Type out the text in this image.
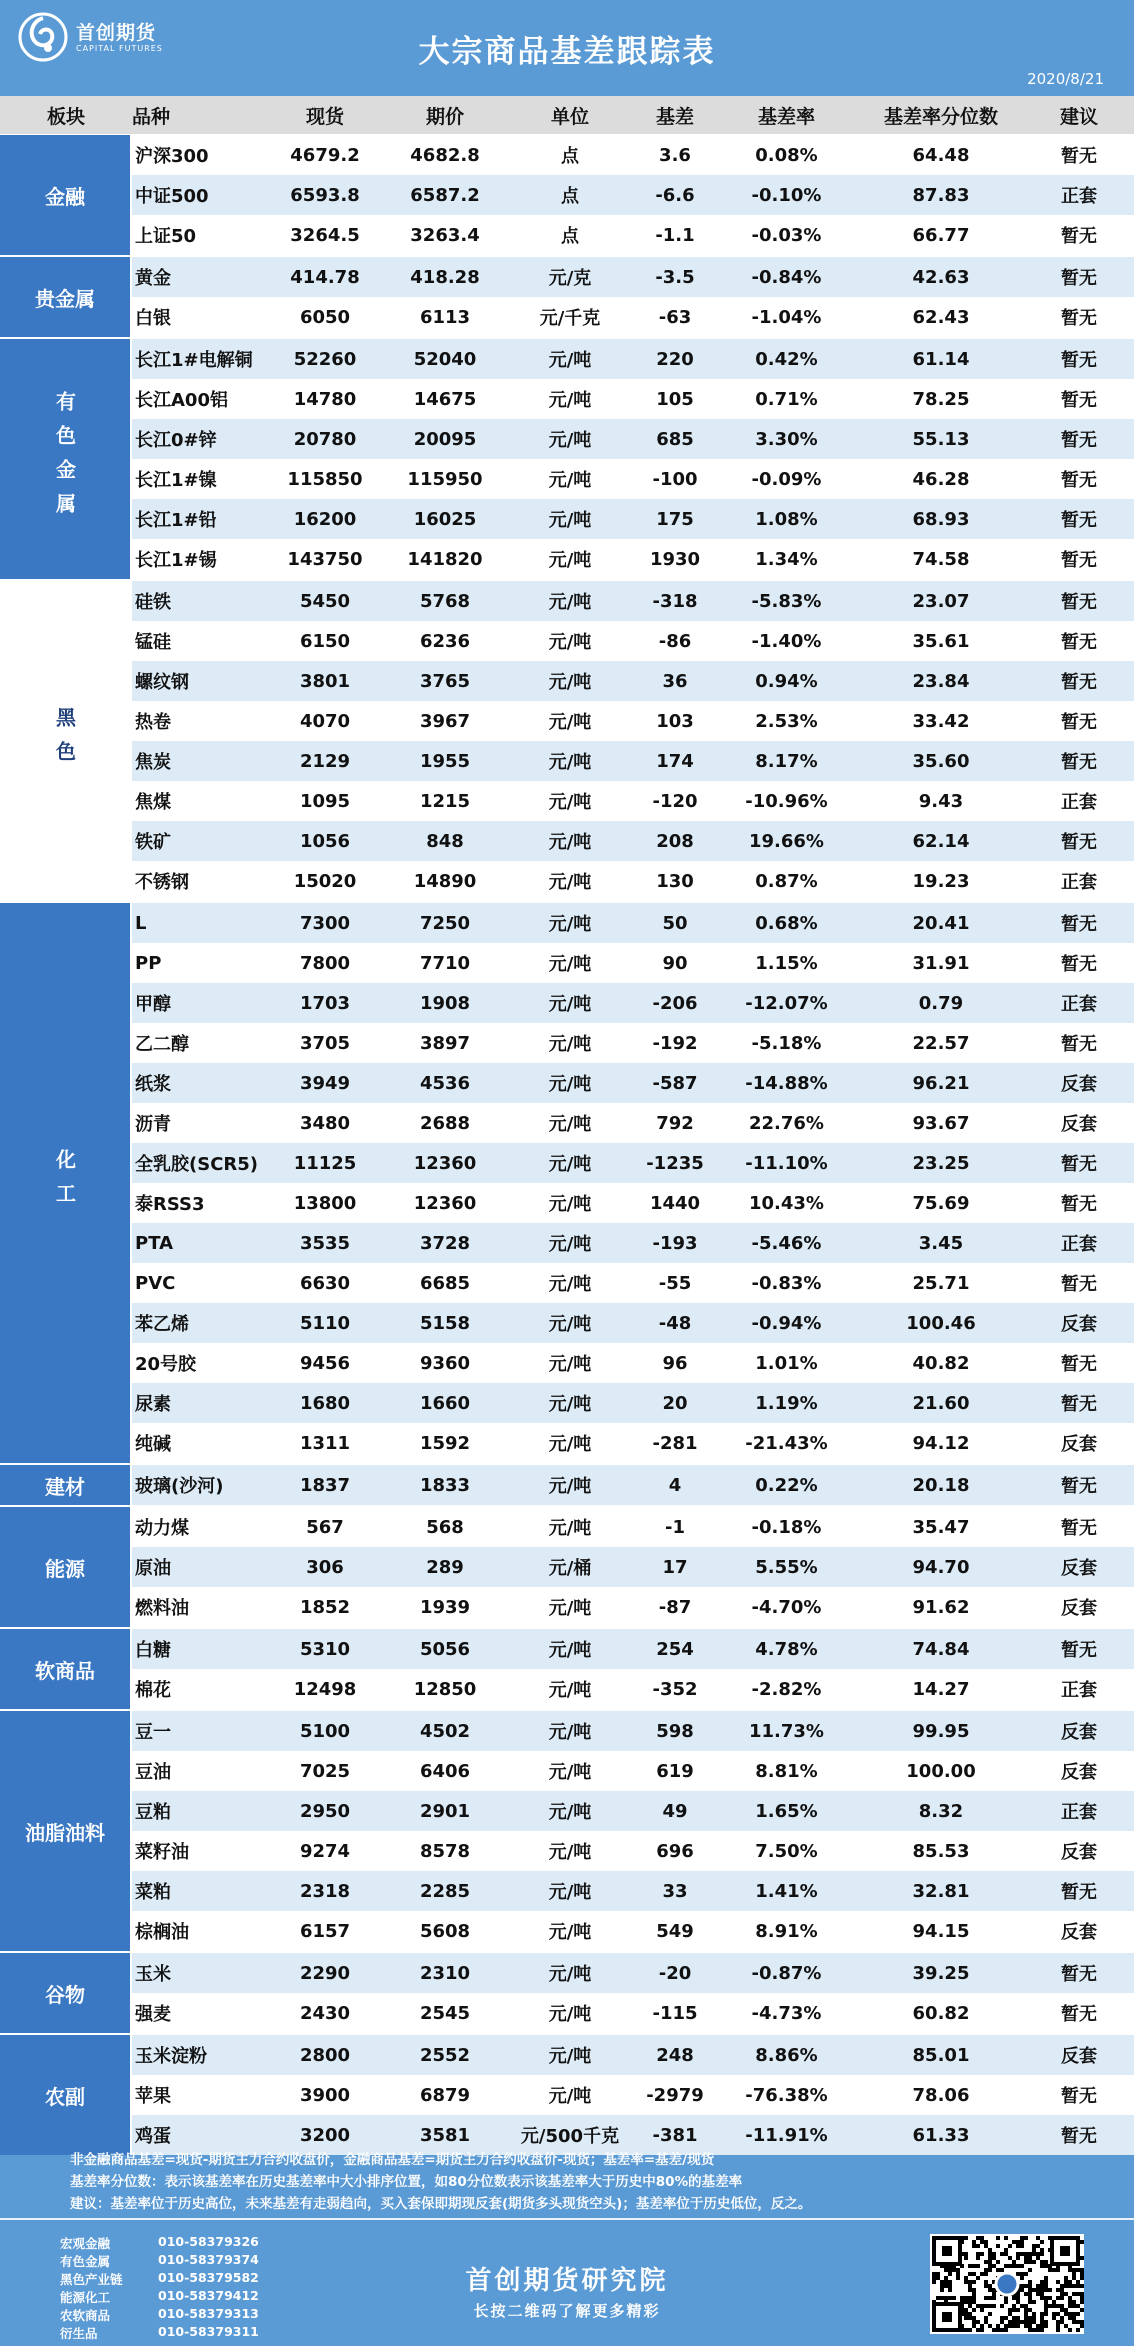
首创期货
CAPITAL FUTURES	大宗商品基差跟踪表
2020/8/21
板块	品种	现货	期价	单位	基差	基差率	基差率分位数	建议
金融
沪深300	4679.2	4682.8	点	3.6	0.08%	64.48	暂无
中证500	6593.8	6587.2	点	-6.6	-0.10%	87.83	正套
上证50	3264.5	3263.4	点	-1.1	-0.03%	66.77	暂无
贵金属
黄金	414.78	418.28	元/克	-3.5	-0.84%	42.63	暂无
白银	6050	6113	元/千克	-63	-1.04%	62.43	暂无
有色金属
长江1#电解铜	52260	52040	元/吨	220	0.42%	61.14	暂无
长江A00铝	14780	14675	元/吨	105	0.71%	78.25	暂无
长江0#锌	20780	20095	元/吨	685	3.30%	55.13	暂无
长江1#镍	115850	115950	元/吨	-100	-0.09%	46.28	暂无
长江1#铅	16200	16025	元/吨	175	1.08%	68.93	暂无
长江1#锡	143750	141820	元/吨	1930	1.34%	74.58	暂无
黑色
硅铁	5450	5768	元/吨	-318	-5.83%	23.07	暂无
锰硅	6150	6236	元/吨	-86	-1.40%	35.61	暂无
螺纹钢	3801	3765	元/吨	36	0.94%	23.84	暂无
热卷	4070	3967	元/吨	103	2.53%	33.42	暂无
焦炭	2129	1955	元/吨	174	8.17%	35.60	暂无
焦煤	1095	1215	元/吨	-120	-10.96%	9.43	正套
铁矿	1056	848	元/吨	208	19.66%	62.14	暂无
不锈钢	15020	14890	元/吨	130	0.87%	19.23	正套
化工
L	7300	7250	元/吨	50	0.68%	20.41	暂无
PP	7800	7710	元/吨	90	1.15%	31.91	暂无
甲醇	1703	1908	元/吨	-206	-12.07%	0.79	正套
乙二醇	3705	3897	元/吨	-192	-5.18%	22.57	暂无
纸浆	3949	4536	元/吨	-587	-14.88%	96.21	反套
沥青	3480	2688	元/吨	792	22.76%	93.67	反套
全乳胶(SCR5)	11125	12360	元/吨	-1235	-11.10%	23.25	暂无
泰RSS3	13800	12360	元/吨	1440	10.43%	75.69	暂无
PTA	3535	3728	元/吨	-193	-5.46%	3.45	正套
PVC	6630	6685	元/吨	-55	-0.83%	25.71	暂无
苯乙烯	5110	5158	元/吨	-48	-0.94%	100.46	反套
20号胶	9456	9360	元/吨	96	1.01%	40.82	暂无
尿素	1680	1660	元/吨	20	1.19%	21.60	暂无
纯碱	1311	1592	元/吨	-281	-21.43%	94.12	反套
建材	玻璃(沙河)	1837	1833	元/吨	4	0.22%	20.18	暂无
能源
动力煤	567	568	元/吨	-1	-0.18%	35.47	暂无
原油	306	289	元/桶	17	5.55%	94.70	反套
燃料油	1852	1939	元/吨	-87	-4.70%	91.62	反套
软商品
白糖	5310	5056	元/吨	254	4.78%	74.84	暂无
棉花	12498	12850	元/吨	-352	-2.82%	14.27	正套
油脂油料
豆一	5100	4502	元/吨	598	11.73%	99.95	反套
豆油	7025	6406	元/吨	619	8.81%	100.00	反套
豆粕	2950	2901	元/吨	49	1.65%	8.32	正套
菜籽油	9274	8578	元/吨	696	7.50%	85.53	反套
菜粕	2318	2285	元/吨	33	1.41%	32.81	暂无
棕榈油	6157	5608	元/吨	549	8.91%	94.15	反套
谷物
玉米	2290	2310	元/吨	-20	-0.87%	39.25	暂无
强麦	2430	2545	元/吨	-115	-4.73%	60.82	暂无
农副
玉米淀粉	2800	2552	元/吨	248	8.86%	85.01	反套
苹果	3900	6879	元/吨	-2979	-76.38%	78.06	暂无
鸡蛋	3200	3581	元/500千克	-381	-11.91%	61.33	暂无
非金融商品基差=现货-期货主力合约收盘价，金融商品基差=期货主力合约收盘价-现货；基差率=基差/现货
基差率分位数：表示该基差率在历史基差率中大小排序位置，如80分位数表示该基差率大于历史中80%的基差率
建议：基差率位于历史高位，未来基差有走弱趋向，买入套保即期现反套(期货多头现货空头)；基差率位于历史低位，反之。
宏观金融	010-58379326
有色金属	010-58379374
黑色产业链	010-58379582
能源化工	010-58379412
农软商品	010-58379313
衍生品	010-58379311
首创期货研究院
长按二维码了解更多精彩
